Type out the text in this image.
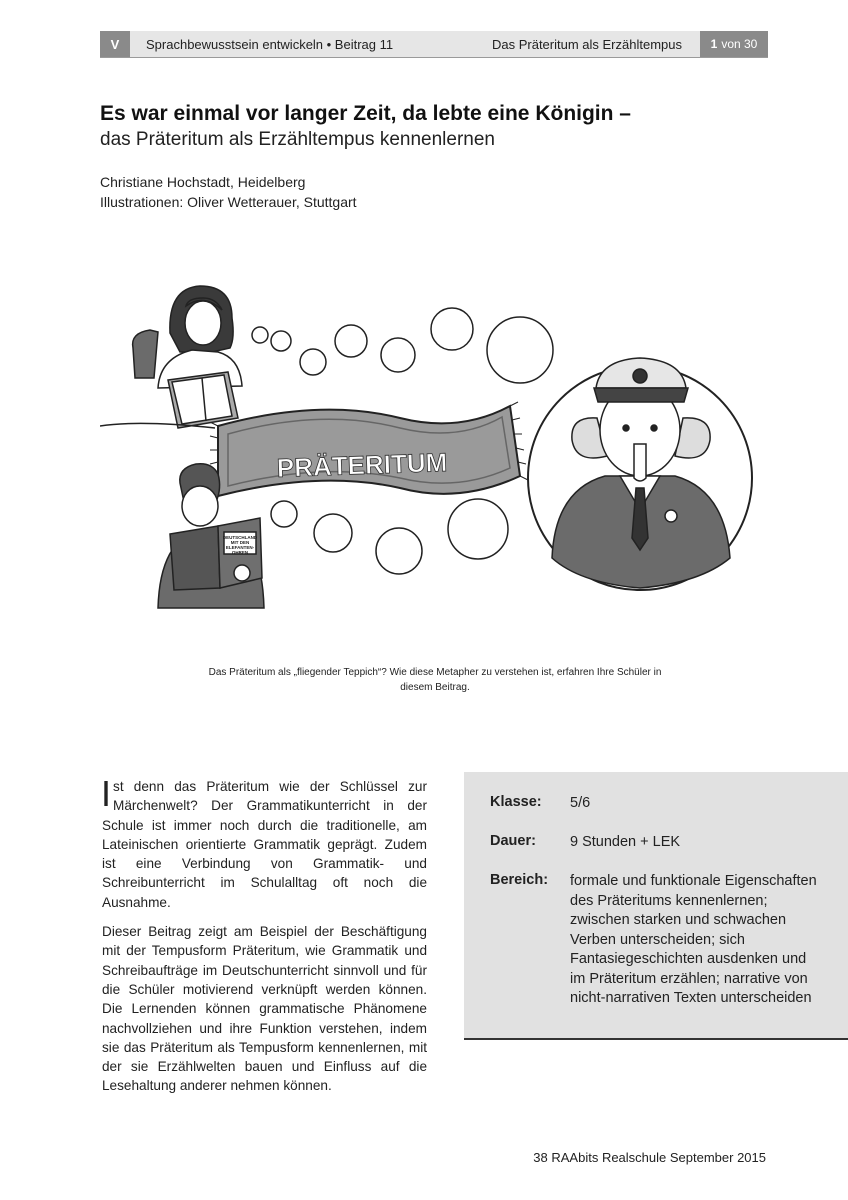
V	Sprachbewusstsein entwickeln • Beitrag 11	Das Präteritum als Erzähltempus 1 von 30
Es war einmal vor langer Zeit, da lebte eine Königin –
das Präteritum als Erzähltempus kennenlernen
Christiane Hochstadt, Heidelberg
Illustrationen: Oliver Wetterauer, Stuttgart
PRÄTERITUM
DEUTSCHLAND
MIT DEN
ELEFANTEN-
OHREN
Das Präteritum als „fliegender Teppich“? Wie diese Metapher zu verstehen ist, erfahren Ihre Schüler in diesem Beitrag.

Ist denn das Präteritum wie der Schlüssel zur Märchenwelt? Der Grammatikunterricht in der Schule ist immer noch durch die traditionelle, am Lateinischen orientierte Grammatik geprägt. Zudem ist eine Verbindung von Grammatik- und Schreibunterricht im Schulalltag oft noch die Ausnahme.

Dieser Beitrag zeigt am Beispiel der Beschäftigung mit der Tempusform Präteritum, wie Grammatik und Schreibaufträge im Deutschunterricht sinnvoll und für die Schüler motivierend verknüpft werden können. Die Lernenden können grammatische Phänomene nachvollziehen und ihre Funktion verstehen, indem sie das Präteritum als Tempusform kennenlernen, mit der sie Erzählwelten bauen und Einfluss auf die Lesehaltung anderer nehmen können.

Klasse:	5/6
Dauer:	9 Stunden + LEK
Bereich:	formale und funktionale Eigenschaften des Präteritums kennenlernen; zwischen starken und schwachen Verben unterscheiden; sich Fantasiegeschichten ausdenken und im Präteritum erzählen; narrative von nicht-narrativen Texten unterscheiden
38 RAAbits Realschule September 2015
